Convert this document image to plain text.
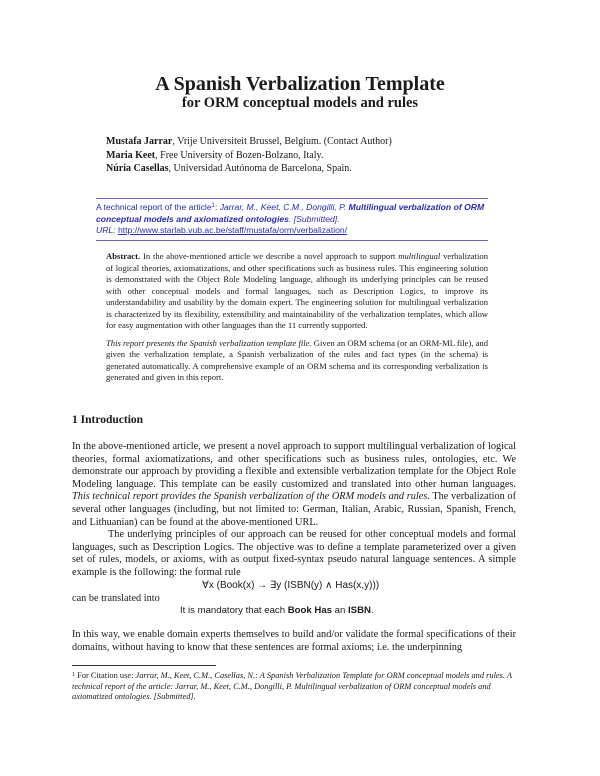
A Spanish Verbalization Template
for ORM conceptual models and rules
Mustafa Jarrar, Vrije Universiteit Brussel, Belgium. (Contact Author)
Maria Keet, Free University of Bozen-Bolzano, Italy.
Núria Casellas, Universidad Autónoma de Barcelona, Spain.
A technical report of the article$^1$: Jarrar, M., Keet, C.M., Dongilli, P. Multilingual verbalization of ORM conceptual models and axiomatized ontologies. [Submitted].
URL: http://www.starlab.vub.ac.be/staff/mustafa/orm/verbalization/

Abstract. In the above-mentioned article we describe a novel approach to support multilingual verbalization of logical theories, axiomatizations, and other specifications such as business rules. This engineering solution is demonstrated with the Object Role Modeling language, although its underlying principles can be reused with other conceptual models and formal languages, such as Description Logics, to improve its understandability and usability by the domain expert. The engineering solution for multilingual verbalization is characterized by its flexibility, extensibility and maintainability of the verbalization templates, which allow for easy augmentation with other languages than the 11 currently supported.

This report presents the Spanish verbalization template file. Given an ORM schema (or an ORM-ML file), and given the verbalization template, a Spanish verbalization of the rules and fact types (in the schema) is generated automatically. A comprehensive example of an ORM schema and its corresponding verbalization is generated and given in this report.

1 Introduction

In the above-mentioned article, we present a novel approach to support multilingual verbalization of logical theories, formal axiomatizations, and other specifications such as business rules, ontologies, etc. We demonstrate our approach by providing a flexible and extensible verbalization template for the Object Role Modeling language. This template can be easily customized and translated into other human languages. This technical report provides the Spanish verbalization of the ORM models and rules. The verbalization of several other languages (including, but not limited to: German, Italian, Arabic, Russian, Spanish, French, and Lithuanian) can be found at the above-mentioned URL.

The underlying principles of our approach can be reused for other conceptual models and formal languages, such as Description Logics. The objective was to define a template parameterized over a given set of rules, models, or axioms, with as output fixed-syntax pseudo natural language sentences. A simple example is the following: the formal rule

∀x (Book(x) → ∃y (ISBN(y) ∧ Has(x,y)))
can be translated into
It is mandatory that each Book Has an ISBN.
In this way, we enable domain experts themselves to build and/or validate the formal specifications of their domains, without having to know that these sentences are formal axioms; i.e. the underpinning
$^1$ For Citation use: Jarrar, M., Keet, C.M., Casellas, N.: A Spanish Verbalization Template for ORM conceptual models and rules. A technical report of the article: Jarrar, M., Keet, C.M., Dongilli, P. Multilingual verbalization of ORM conceptual models and axiomatized ontologies. [Submitted].
